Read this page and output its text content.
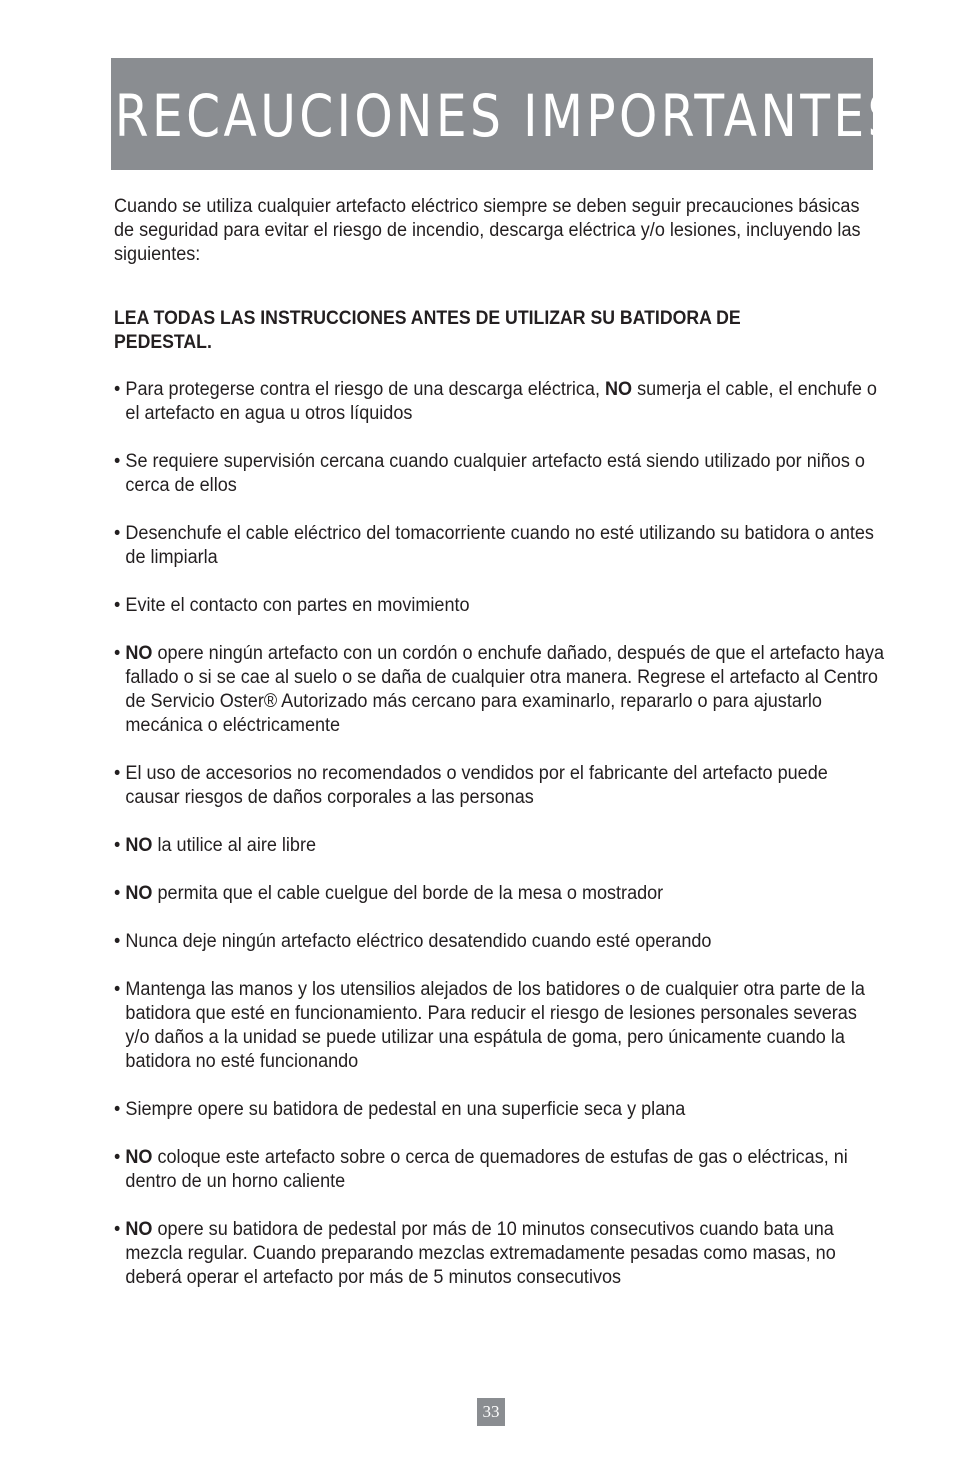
PRECAUCIONES IMPORTANTES

Cuando se utiliza cualquier artefacto eléctrico siempre se deben seguir precauciones básicas de seguridad para evitar el riesgo de incendio, descarga eléctrica y/o lesiones, incluyendo las siguientes:

LEA TODAS LAS INSTRUCCIONES ANTES DE UTILIZAR SU BATIDORA DE PEDESTAL.

• Para protegerse contra el riesgo de una descarga eléctrica, NO sumerja el cable, el enchufe o el artefacto en agua u otros líquidos
• Se requiere supervisión cercana cuando cualquier artefacto está siendo utilizado por niños o cerca de ellos
• Desenchufe el cable eléctrico del tomacorriente cuando no esté utilizando su batidora o antes de limpiarla
• Evite el contacto con partes en movimiento
• NO opere ningún artefacto con un cordón o enchufe dañado, después de que el artefacto haya fallado o si se cae al suelo o se daña de cualquier otra manera. Regrese el artefacto al Centro de Servicio Oster® Autorizado más cercano para examinarlo, repararlo o para ajustarlo mecánica o eléctricamente
• El uso de accesorios no recomendados o vendidos por el fabricante del artefacto puede causar riesgos de daños corporales a las personas
• NO la utilice al aire libre
• NO permita que el cable cuelgue del borde de la mesa o mostrador
• Nunca deje ningún artefacto eléctrico desatendido cuando esté operando
• Mantenga las manos y los utensilios alejados de los batidores o de cualquier otra parte de la batidora que esté en funcionamiento. Para reducir el riesgo de lesiones personales severas y/o daños a la unidad se puede utilizar una espátula de goma, pero únicamente cuando la batidora no esté funcionando
• Siempre opere su batidora de pedestal en una superficie seca y plana
• NO coloque este artefacto sobre o cerca de quemadores de estufas de gas o eléctricas, ni dentro de un horno caliente
• NO opere su batidora de pedestal por más de 10 minutos consecutivos cuando bata una mezcla regular. Cuando preparando mezclas extremadamente pesadas como masas, no deberá operar el artefacto por más de 5 minutos consecutivos
33
